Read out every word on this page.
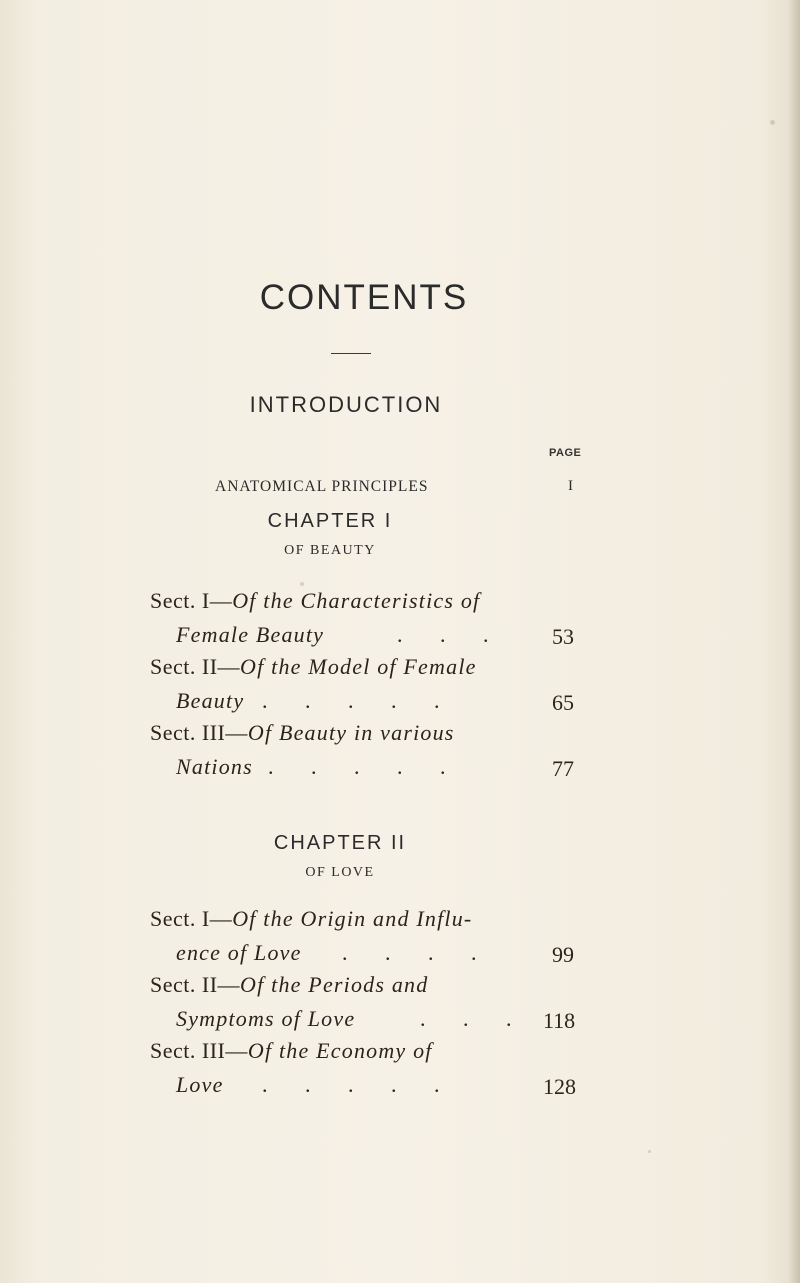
CONTENTS
INTRODUCTION
PAGE
ANATOMICAL PRINCIPLES	I
CHAPTER I
OF BEAUTY
Sect. I—Of the Characteristics of
Female Beauty	. . . 53
Sect. II—Of the Model of Female
Beauty . . . . .	65
Sect. III—Of Beauty in various
Nations . . . . .	77
CHAPTER II
OF LOVE
Sect. I—Of the Origin and Influ-
ence of Love . . . .	99
Sect. II—Of the Periods and
Symptoms of Love	. . . 118
Sect. III—Of the Economy of
Love . . . . .	128
